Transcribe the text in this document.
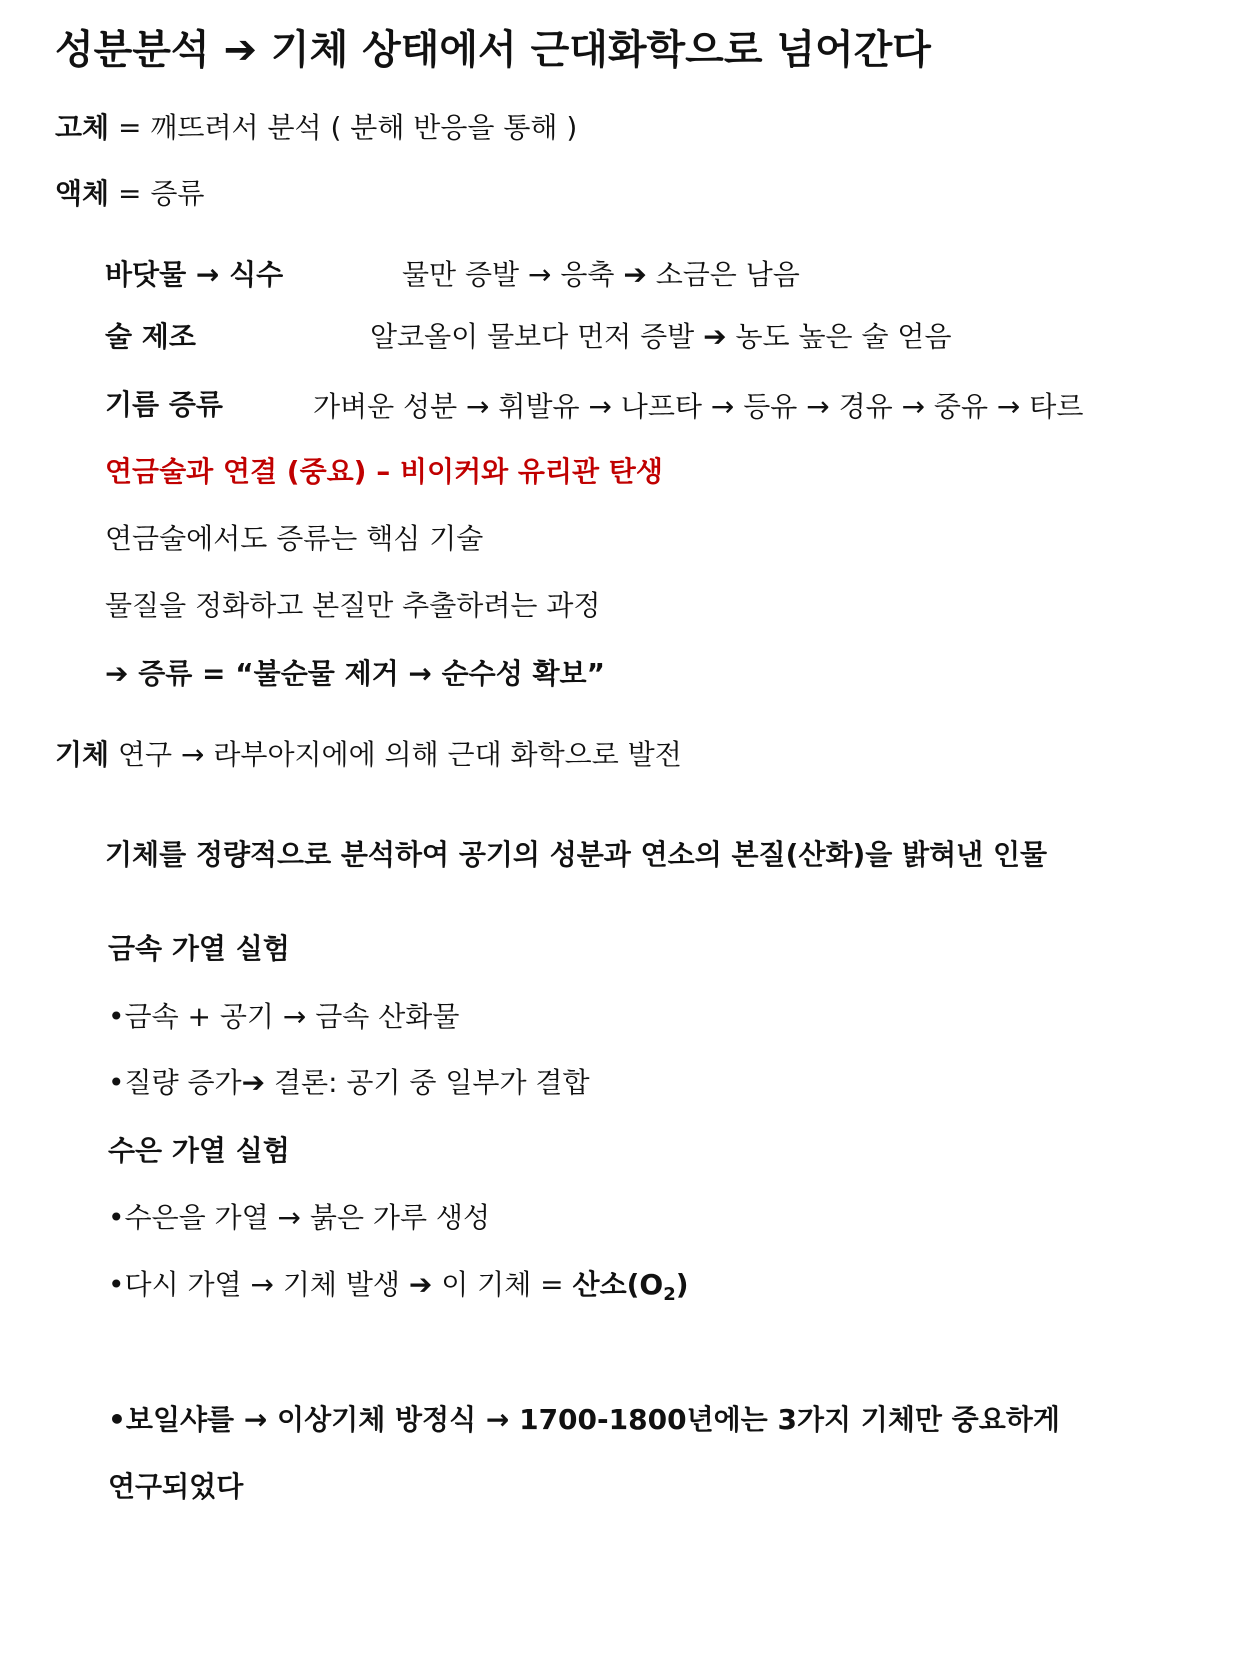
성분분석 ➔ 기체 상태에서 근대화학으로 넘어간다
고체 = 깨뜨려서 분석 ( 분해 반응을 통해 )
액체 = 증류
바닷물 → 식수	물만 증발 → 응축 ➔ 소금은 남음
술 제조	알코올이 물보다 먼저 증발 ➔ 농도 높은 술 얻음
기름 증류	가벼운 성분 → 휘발유 → 나프타 → 등유 → 경유 → 중유 → 타르
연금술과 연결 (중요) – 비이커와 유리관 탄생
연금술에서도 증류는 핵심 기술
물질을 정화하고 본질만 추출하려는 과정
➔ 증류 = “불순물 제거 → 순수성 확보”
기체 연구 → 라부아지에에 의해 근대 화학으로 발전
기체를 정량적으로 분석하여 공기의 성분과 연소의 본질(산화)을 밝혀낸 인물
금속 가열 실험
•금속 + 공기 → 금속 산화물
•질량 증가➔ 결론: 공기 중 일부가 결합
수은 가열 실험
•수은을 가열 → 붉은 가루 생성
•다시 가열 → 기체 발생 ➔ 이 기체 = 산소$(O_2)$
•보일샤를 → 이상기체 방정식 → 1700-1800년에는 3가지 기체만 중요하게
연구되었다
